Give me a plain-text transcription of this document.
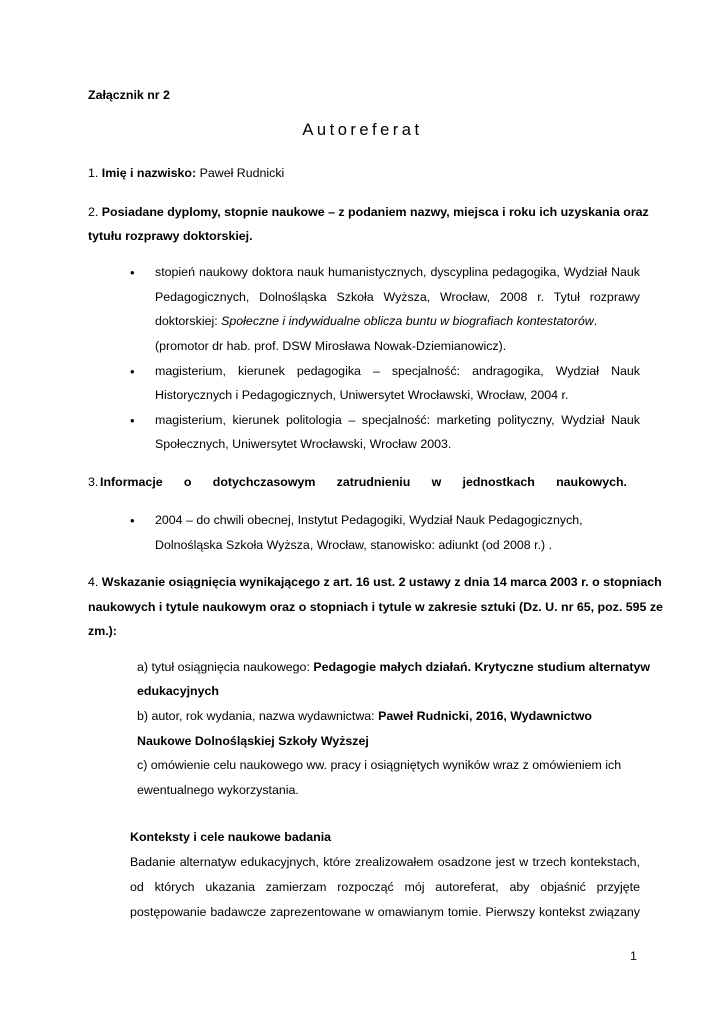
Załącznik nr 2
Autoreferat
1. Imię i nazwisko: Paweł Rudnicki
2. Posiadane dyplomy, stopnie naukowe – z podaniem nazwy, miejsca i roku ich uzyskania oraz
tytułu rozprawy doktorskiej.
• stopień naukowy doktora nauk humanistycznych, dyscyplina pedagogika, Wydział Nauk
Pedagogicznych, Dolnośląska Szkoła Wyższa, Wrocław, 2008 r. Tytuł rozprawy
doktorskiej: Społeczne i indywidualne oblicza buntu w biografiach kontestatorów.
(promotor dr hab. prof. DSW Mirosława Nowak-Dziemianowicz).
• magisterium, kierunek pedagogika – specjalność: andragogika, Wydział Nauk
Historycznych i Pedagogicznych, Uniwersytet Wrocławski, Wrocław, 2004 r.
• magisterium, kierunek politologia – specjalność: marketing polityczny, Wydział Nauk
Społecznych, Uniwersytet Wrocławski, Wrocław 2003.
3. Informacje o dotychczasowym zatrudnieniu w jednostkach naukowych.
• 2004 – do chwili obecnej, Instytut Pedagogiki, Wydział Nauk Pedagogicznych,
Dolnośląska Szkoła Wyższa, Wrocław, stanowisko: adiunkt (od 2008 r.) .
4. Wskazanie osiągnięcia wynikającego z art. 16 ust. 2 ustawy z dnia 14 marca 2003 r. o stopniach
naukowych i tytule naukowym oraz o stopniach i tytule w zakresie sztuki (Dz. U. nr 65, poz. 595 ze
zm.):
a) tytuł osiągnięcia naukowego: Pedagogie małych działań. Krytyczne studium alternatyw
edukacyjnych
b) autor, rok wydania, nazwa wydawnictwa: Paweł Rudnicki, 2016, Wydawnictwo
Naukowe Dolnośląskiej Szkoły Wyższej
c) omówienie celu naukowego ww. pracy i osiągniętych wyników wraz z omówieniem ich
ewentualnego wykorzystania.
Konteksty i cele naukowe badania
Badanie alternatyw edukacyjnych, które zrealizowałem osadzone jest w trzech kontekstach,
od których ukazania zamierzam rozpocząć mój autoreferat, aby objaśnić przyjęte
postępowanie badawcze zaprezentowane w omawianym tomie. Pierwszy kontekst związany
1
